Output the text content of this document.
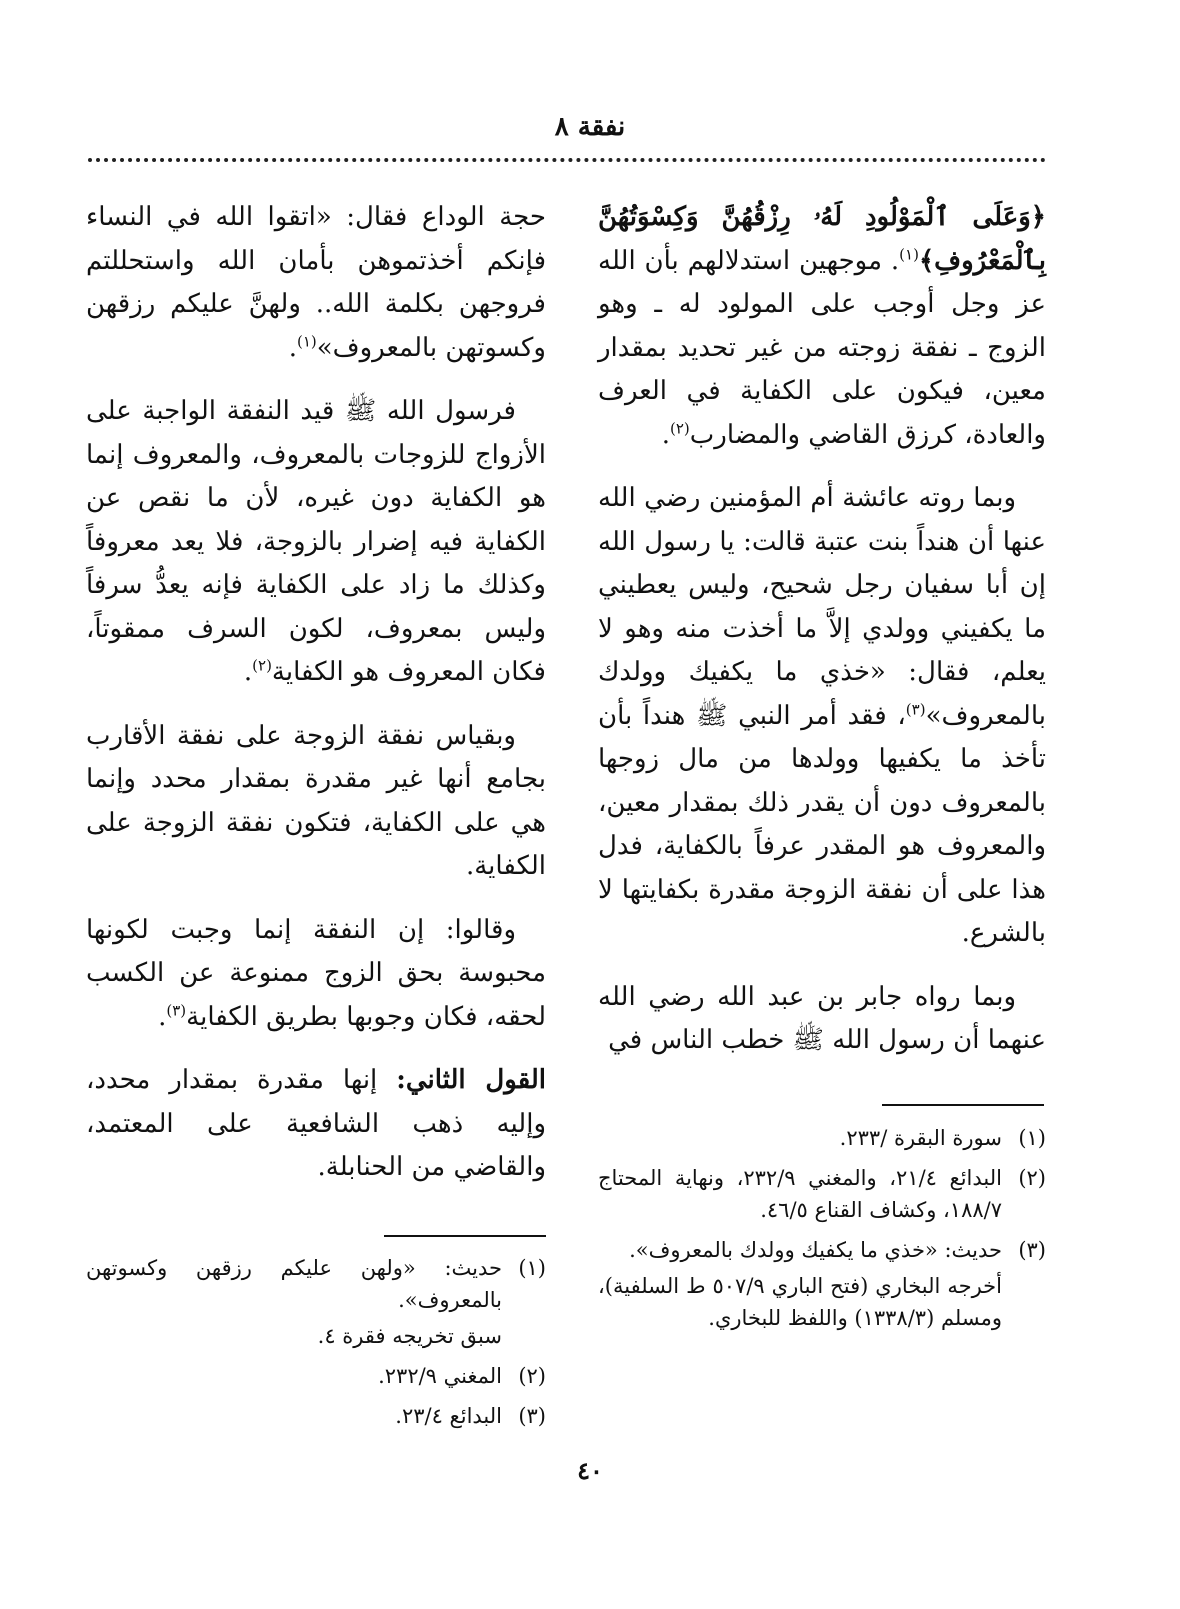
نفقة ٨

﴿وَعَلَى ٱلْمَوْلُودِ لَهُۥ رِزْقُهُنَّ وَكِسْوَتُهُنَّ بِٱلْمَعْرُوفِ﴾$^{(١)}$. موجهين استدلالهم بأن الله عز وجل أوجب على المولود له ـ وهو الزوج ـ نفقة زوجته من غير تحديد بمقدار معين، فيكون على الكفاية في العرف والعادة، كرزق القاضي والمضارب$^{(٢)}$.

وبما روته عائشة أم المؤمنين رضي الله عنها أن هنداً بنت عتبة قالت: يا رسول الله إن أبا سفيان رجل شحيح، وليس يعطيني ما يكفيني وولدي إلاَّ ما أخذت منه وهو لا يعلم، فقال: «خذي ما يكفيك وولدك بالمعروف»$^{(٣)}$، فقد أمر النبي ﷺ هنداً بأن تأخذ ما يكفيها وولدها من مال زوجها بالمعروف دون أن يقدر ذلك بمقدار معين، والمعروف هو المقدر عرفاً بالكفاية، فدل هذا على أن نفقة الزوجة مقدرة بكفايتها لا بالشرع.

وبما رواه جابر بن عبد الله رضي الله عنهما أن رسول الله ﷺ خطب الناس في

(١)
سورة البقرة /٢٣٣.

(٢)
البدائع ٢١/٤، والمغني ٢٣٢/٩، ونهاية المحتاج ١٨٨/٧، وكشاف القناع ٤٦/٥.

(٣)
حديث: «خذي ما يكفيك وولدك بالمعروف».

أخرجه البخاري (فتح الباري ٥٠٧/٩ ط السلفية)، ومسلم (١٣٣٨/٣) واللفظ للبخاري.

حجة الوداع فقال: «اتقوا الله في النساء فإنكم أخذتموهن بأمان الله واستحللتم فروجهن بكلمة الله.. ولهنَّ عليكم رزقهن وكسوتهن بالمعروف»$^{(١)}$.

فرسول الله ﷺ قيد النفقة الواجبة على الأزواج للزوجات بالمعروف، والمعروف إنما هو الكفاية دون غيره، لأن ما نقص عن الكفاية فيه إضرار بالزوجة، فلا يعد معروفاً وكذلك ما زاد على الكفاية فإنه يعدُّ سرفاً وليس بمعروف، لكون السرف ممقوتاً، فكان المعروف هو الكفاية$^{(٢)}$.

وبقياس نفقة الزوجة على نفقة الأقارب بجامع أنها غير مقدرة بمقدار محدد وإنما هي على الكفاية، فتكون نفقة الزوجة على الكفاية.

وقالوا: إن النفقة إنما وجبت لكونها محبوسة بحق الزوج ممنوعة عن الكسب لحقه، فكان وجوبها بطريق الكفاية$^{(٣)}$.

القول الثاني: إنها مقدرة بمقدار محدد، وإليه ذهب الشافعية على المعتمد، والقاضي من الحنابلة.

(١)
حديث: «ولهن عليكم رزقهن وكسوتهن بالمعروف».

سبق تخريجه فقرة ٤.

(٢)
المغني ٢٣٢/٩.

(٣)
البدائع ٢٣/٤.

٤٠
